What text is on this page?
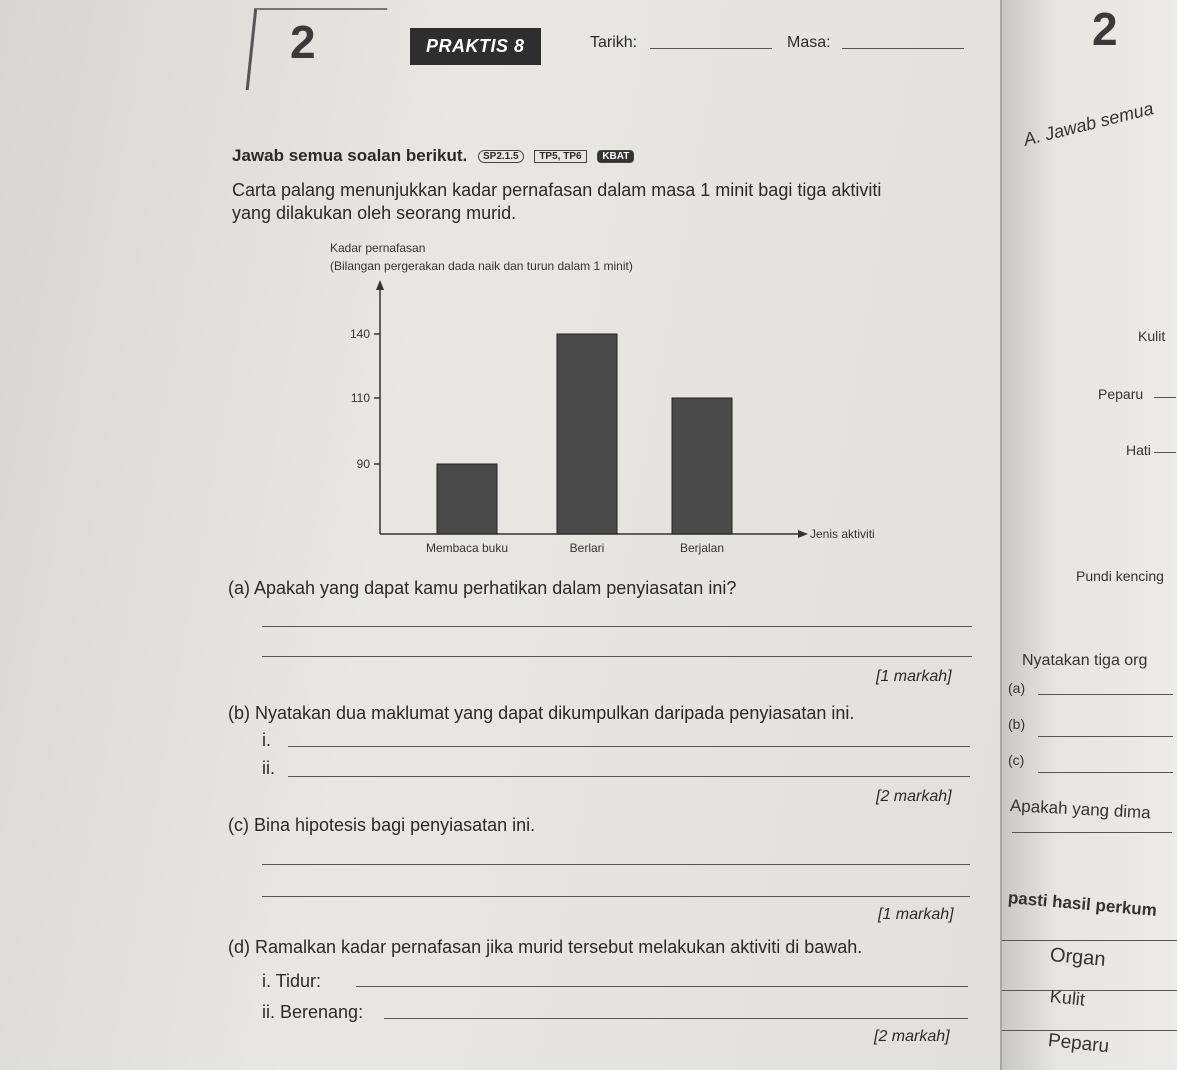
2	PRAKTIS 8	Tarikh:	Masa:
Jawab semua soalan berikut. SP2.1.5 TP5, TP6 KBAT
Carta palang menunjukkan kadar pernafasan dalam masa 1 minit bagi tiga aktiviti
yang dilakukan oleh seorang murid.
Kadar pernafasan
(Bilangan pergerakan dada naik dan turun dalam 1 minit)
Jenis aktiviti
90
110
140
Membaca buku	Berlari	Berjalan
(a) Apakah yang dapat kamu perhatikan dalam penyiasatan ini?
[1 markah]
(b) Nyatakan dua maklumat yang dapat dikumpulkan daripada penyiasatan ini.
i.
ii.
[2 markah]
(c) Bina hipotesis bagi penyiasatan ini.
[1 markah]
(d) Ramalkan kadar pernafasan jika murid tersebut melakukan aktiviti di bawah.
i. Tidur:
ii. Berenang:
[2 markah]
2
A. Jawab semua
Kulit
Peparu
Hati
Pundi kencing
Nyatakan tiga org
(a)
(b)
(c)
Apakah yang dima
pasti hasil perkum
Organ
Kulit
Peparu
